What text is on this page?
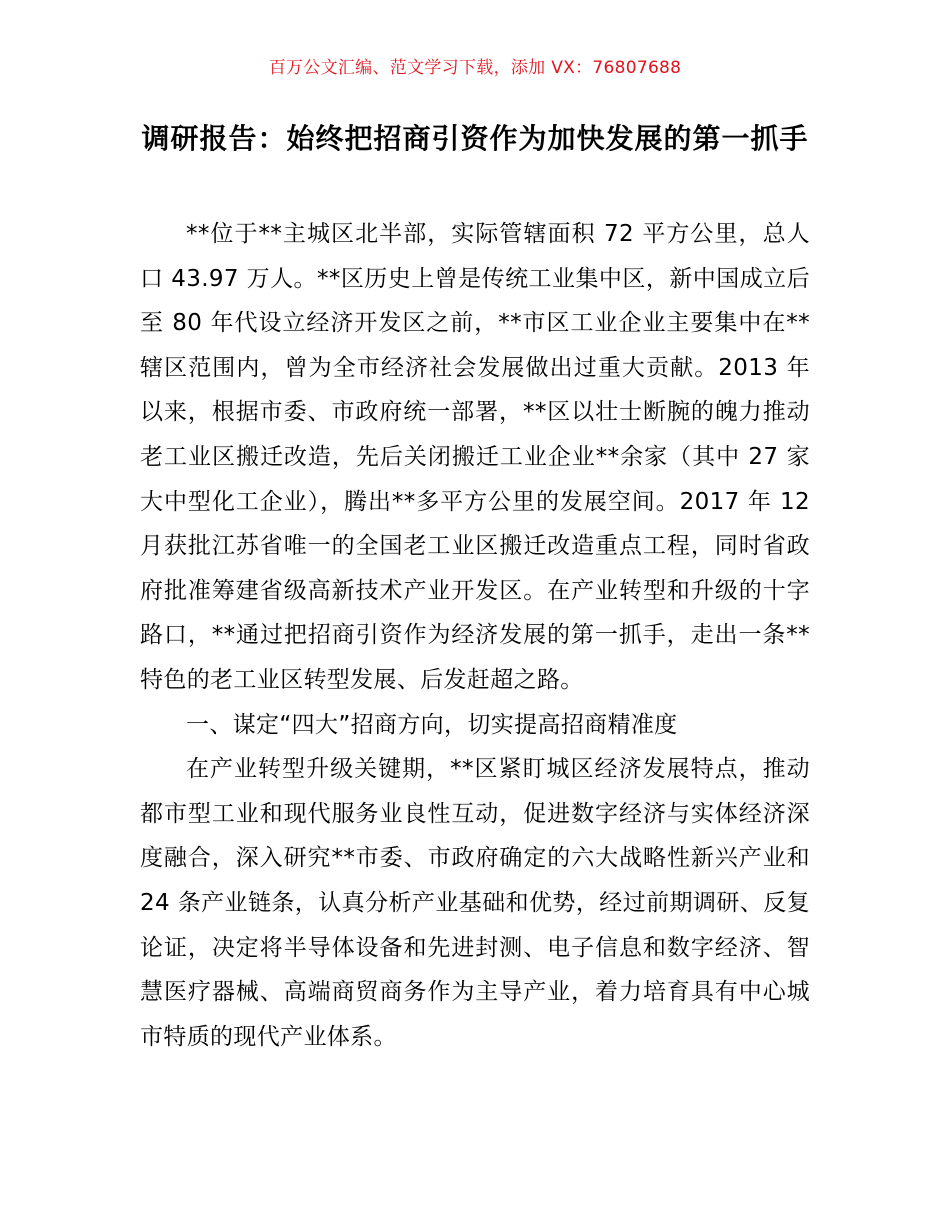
百万公文汇编、范文学习下载，添加 VX：76807688
调研报告：始终把招商引资作为加快发展的第一抓手

**位于**主城区北半部，实际管辖面积 72 平方公里，总人口 43.97 万人。**区历史上曾是传统工业集中区，新中国成立后至 80 年代设立经济开发区之前，**市区工业企业主要集中在**辖区范围内，曾为全市经济社会发展做出过重大贡献。2013 年以来，根据市委、市政府统一部署，**区以壮士断腕的魄力推动老工业区搬迁改造，先后关闭搬迁工业企业**余家（其中 27 家大中型化工企业），腾出**多平方公里的发展空间。2017 年 12 月获批江苏省唯一的全国老工业区搬迁改造重点工程，同时省政府批准筹建省级高新技术产业开发区。在产业转型和升级的十字路口，**通过把招商引资作为经济发展的第一抓手，走出一条**特色的老工业区转型发展、后发赶超之路。

一、谋定“四大”招商方向，切实提高招商精准度

在产业转型升级关键期，**区紧盯城区经济发展特点，推动都市型工业和现代服务业良性互动，促进数字经济与实体经济深度融合，深入研究**市委、市政府确定的六大战略性新兴产业和 24 条产业链条，认真分析产业基础和优势，经过前期调研、反复论证，决定将半导体设备和先进封测、电子信息和数字经济、智慧医疗器械、高端商贸商务作为主导产业，着力培育具有中心城市特质的现代产业体系。
